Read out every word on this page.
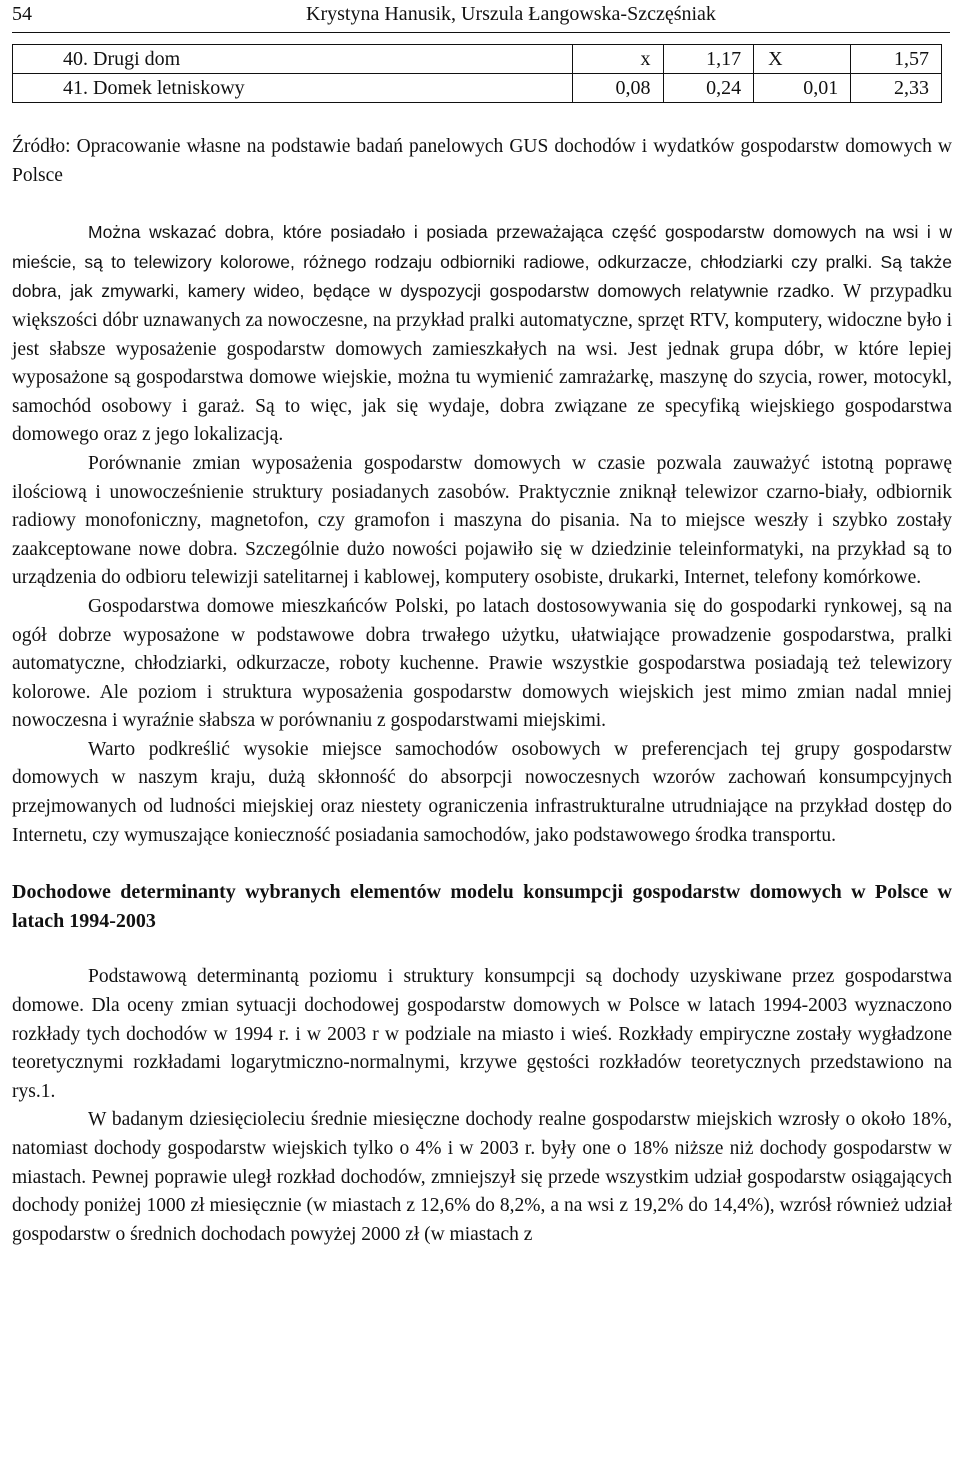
54	Krystyna Hanusik, Urszula Łangowska-Szczęśniak
40. Drugi dom	x	1,17	X	1,57
41. Domek letniskowy	0,08	0,24	0,01	2,33

Źródło: Opracowanie własne na podstawie badań panelowych GUS dochodów i wydatków gospodarstw domowych w Polsce

Można wskazać dobra, które posiadało i posiada przeważająca część gospodarstw domowych na wsi i w mieście, są to telewizory kolorowe, różnego rodzaju odbiorniki radiowe, odkurzacze, chłodziarki czy pralki. Są także dobra, jak zmywarki, kamery wideo, będące w dyspozycji gospodarstw domowych relatywnie rzadko. W przypadku większości dóbr uznawanych za nowoczesne, na przykład pralki automatyczne, sprzęt RTV, komputery, widoczne było i jest słabsze wyposażenie gospodarstw domowych zamieszkałych na wsi. Jest jednak grupa dóbr, w które lepiej wyposażone są gospodarstwa domowe wiejskie, można tu wymienić zamrażarkę, maszynę do szycia, rower, motocykl, samochód osobowy i garaż. Są to więc, jak się wydaje, dobra związane ze specyfiką wiejskiego gospodarstwa domowego oraz z jego lokalizacją.

Porównanie zmian wyposażenia gospodarstw domowych w czasie pozwala zauważyć istotną poprawę ilościową i unowocześnienie struktury posiadanych zasobów. Praktycznie zniknął telewizor czarno-biały, odbiornik radiowy monofoniczny, magnetofon, czy gramofon i maszyna do pisania. Na to miejsce weszły i szybko zostały zaakceptowane nowe dobra. Szczególnie dużo nowości pojawiło się w dziedzinie teleinformatyki, na przykład są to urządzenia do odbioru telewizji satelitarnej i kablowej, komputery osobiste, drukarki, Internet, telefony komórkowe.

Gospodarstwa domowe mieszkańców Polski, po latach dostosowywania się do gospodarki rynkowej, są na ogół dobrze wyposażone w podstawowe dobra trwałego użytku, ułatwiające prowadzenie gospodarstwa, pralki automatyczne, chłodziarki, odkurzacze, roboty kuchenne. Prawie wszystkie gospodarstwa posiadają też telewizory kolorowe. Ale poziom i struktura wyposażenia gospodarstw domowych wiejskich jest mimo zmian nadal mniej nowoczesna i wyraźnie słabsza w porównaniu z gospodarstwami miejskimi.

Warto podkreślić wysokie miejsce samochodów osobowych w preferencjach tej grupy gospodarstw domowych w naszym kraju, dużą skłonność do absorpcji nowoczesnych wzorów zachowań konsumpcyjnych przejmowanych od ludności miejskiej oraz niestety ograniczenia infrastrukturalne utrudniające na przykład dostęp do Internetu, czy wymuszające konieczność posiadania samochodów, jako podstawowego środka transportu.

Dochodowe determinanty wybranych elementów modelu konsumpcji gospodarstw domowych w Polsce w latach 1994-2003

Podstawową determinantą poziomu i struktury konsumpcji są dochody uzyskiwane przez gospodarstwa domowe. Dla oceny zmian sytuacji dochodowej gospodarstw domowych w Polsce w latach 1994-2003 wyznaczono rozkłady tych dochodów w 1994 r. i w 2003 r w podziale na miasto i wieś. Rozkłady empiryczne zostały wygładzone teoretycznymi rozkładami logarytmiczno-normalnymi, krzywe gęstości rozkładów teoretycznych przedstawiono na rys.1.

W badanym dziesięcioleciu średnie miesięczne dochody realne gospodarstw miejskich wzrosły o około 18%, natomiast dochody gospodarstw wiejskich tylko o 4% i w 2003 r. były one o 18% niższe niż dochody gospodarstw w miastach. Pewnej poprawie uległ rozkład dochodów, zmniejszył się przede wszystkim udział gospodarstw osiągających dochody poniżej 1000 zł miesięcznie (w miastach z 12,6% do 8,2%, a na wsi z 19,2% do 14,4%), wzrósł również udział gospodarstw o średnich dochodach powyżej 2000 zł (w miastach z
